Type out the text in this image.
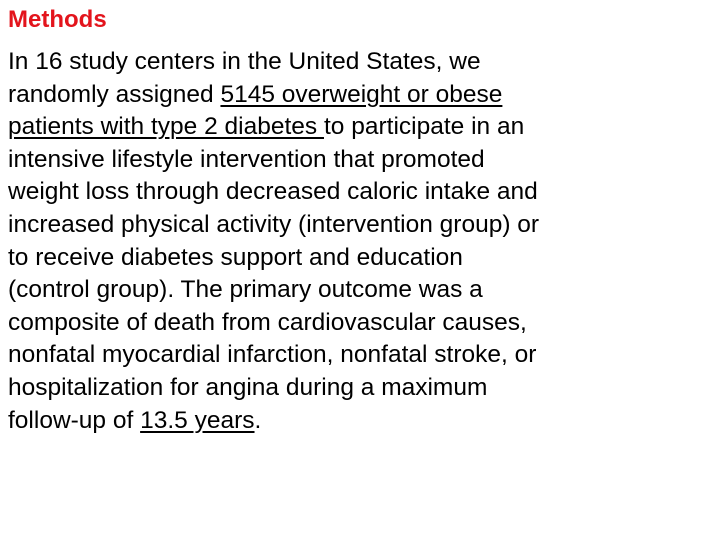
Methods
In 16 study centers in the United States, we
randomly assigned 5145 overweight or obese
patients with type 2 diabetes to participate in an
intensive lifestyle intervention that promoted
weight loss through decreased caloric intake and
increased physical activity (intervention group) or
to receive diabetes support and education
(control group). The primary outcome was a
composite of death from cardiovascular causes,
nonfatal myocardial infarction, nonfatal stroke, or
hospitalization for angina during a maximum
follow-up of 13.5 years.
